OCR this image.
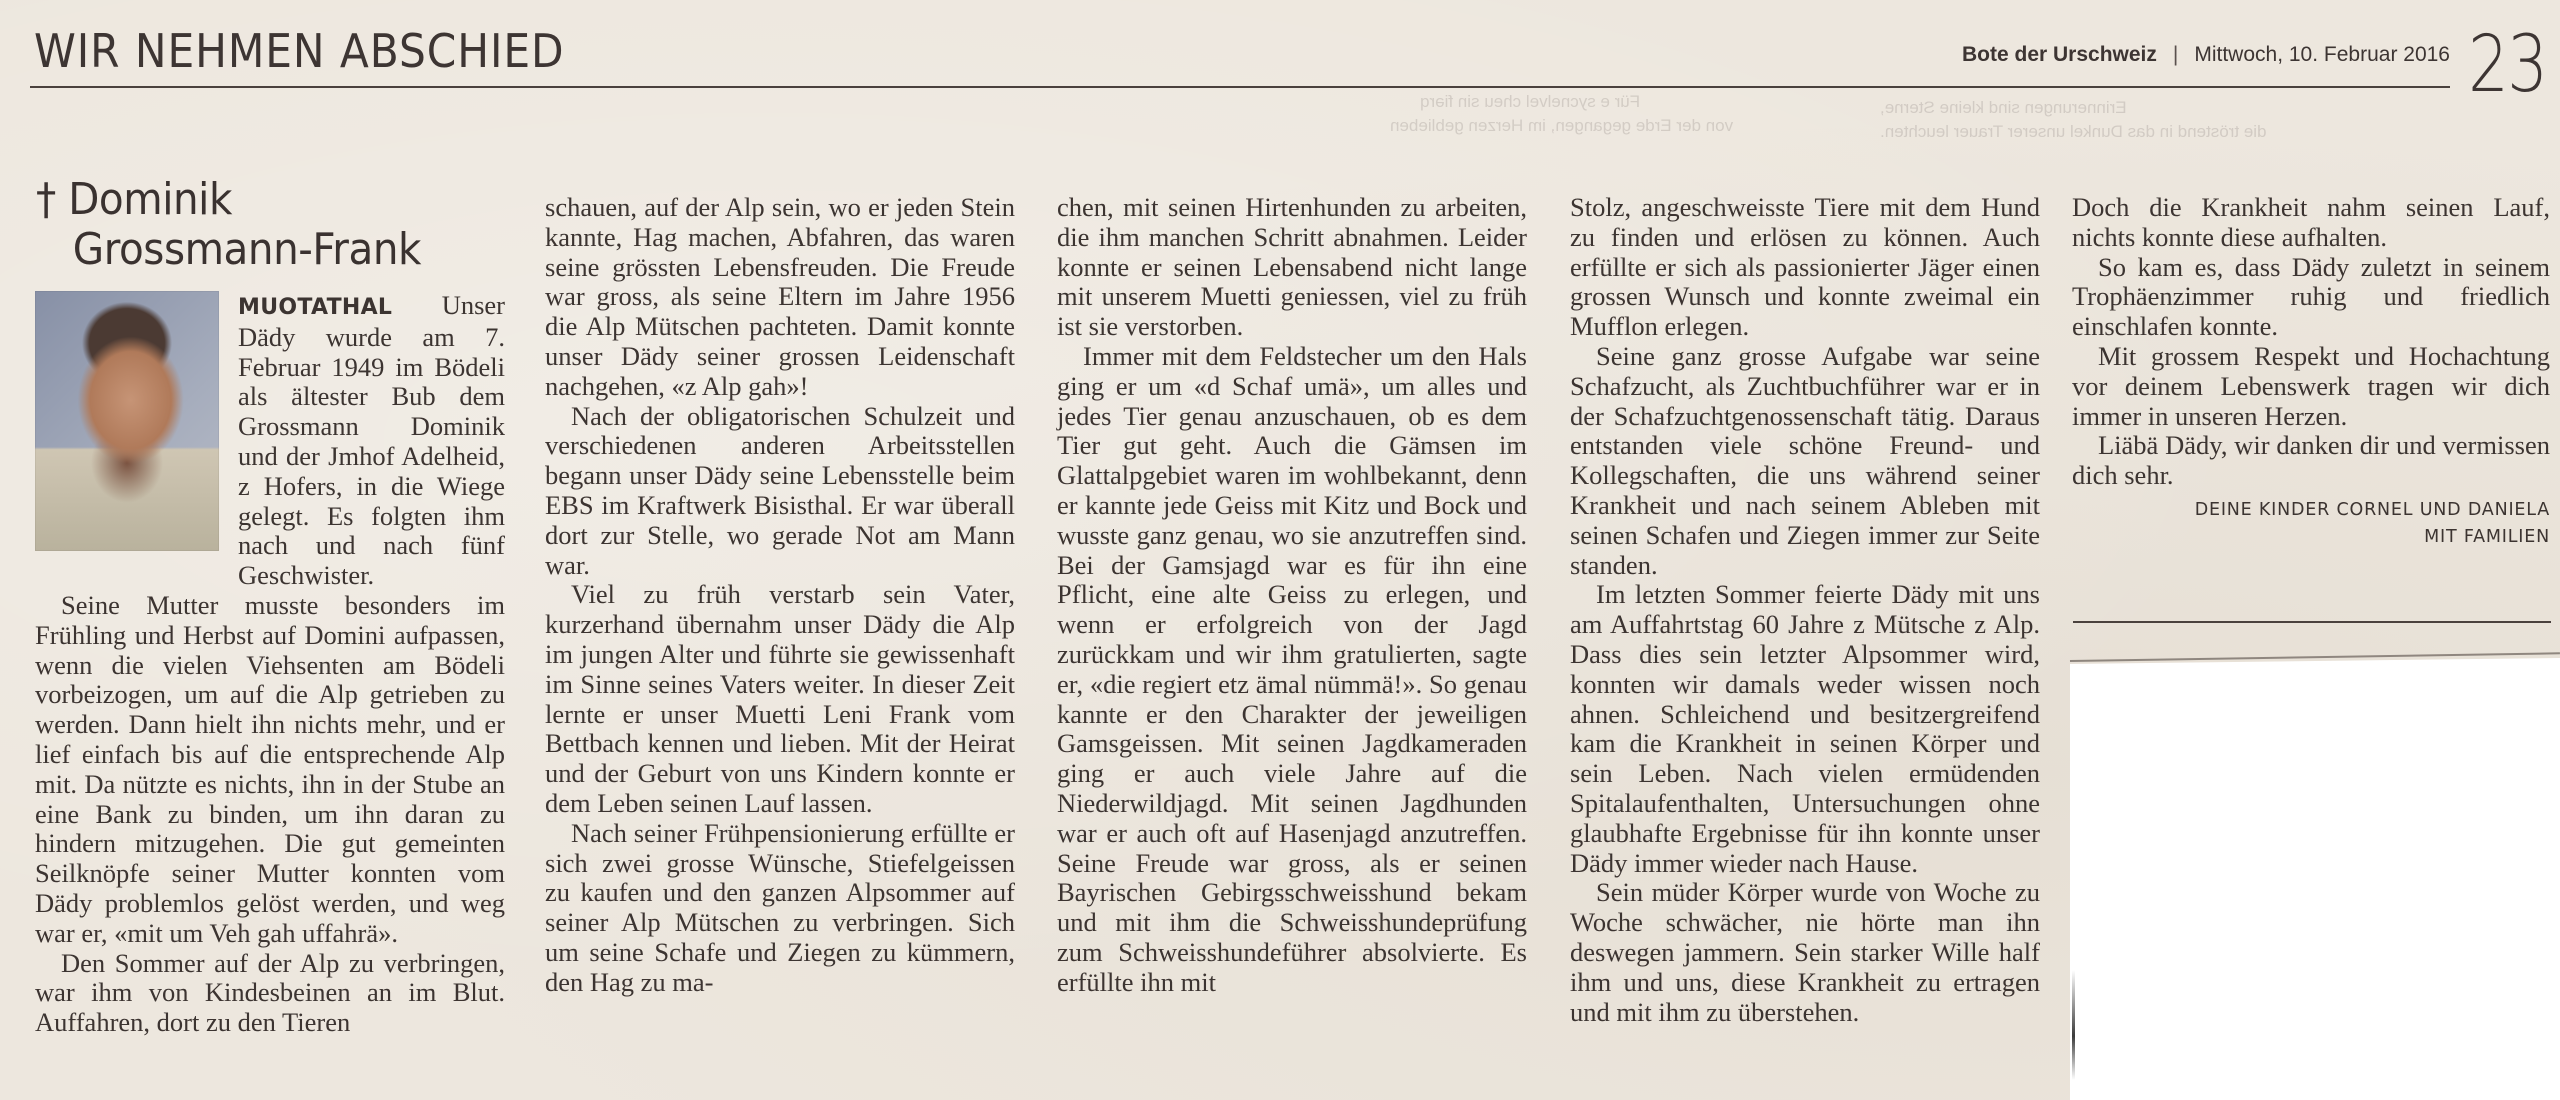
Für e sycnelvel cheu sin fiərq
von der Erde gegangen, im Herzen geblieben
Erinnerungen sind kleine Sterne,
die tröstend in das Dunkel unserer Trauer leuchten.
WIR NEHMEN ABSCHIED	Bote der Urschweiz | Mittwoch, 10. Februar 2016 23
† Dominik
Grossmann-Frank

MUOTATHAL Unser Dädy wurde am 7. Februar 1949 im Bödeli als ältester Bub dem Grossmann Dominik und der Jmhof Adelheid, z Hofers, in die Wiege gelegt. Es folgten ihm nach und nach fünf Geschwister.

Seine Mutter musste besonders im Frühling und Herbst auf Domini aufpassen, wenn die vielen Viehsenten am Bödeli vorbeizogen, um auf die Alp getrieben zu werden. Dann hielt ihn nichts mehr, und er lief einfach bis auf die entsprechende Alp mit. Da nützte es nichts, ihn in der Stube an eine Bank zu binden, um ihn daran zu hindern mitzugehen. Die gut gemeinten Seilknöpfe seiner Mutter konnten vom Dädy problemlos gelöst werden, und weg war er, «mit um Veh gah uffahrä».

Den Sommer auf der Alp zu verbringen, war ihm von Kindesbeinen an im Blut. Auffahren, dort zu den Tieren

schauen, auf der Alp sein, wo er jeden Stein kannte, Hag machen, Abfahren, das waren seine grössten Lebensfreuden. Die Freude war gross, als seine Eltern im Jahre 1956 die Alp Mütschen pachteten. Damit konnte unser Dädy seiner grossen Leidenschaft nachgehen, «z Alp gah»!

Nach der obligatorischen Schulzeit und verschiedenen anderen Arbeitsstellen begann unser Dädy seine Lebensstelle beim EBS im Kraftwerk Bisisthal. Er war überall dort zur Stelle, wo gerade Not am Mann war.

Viel zu früh verstarb sein Vater, kurzerhand übernahm unser Dädy die Alp im jungen Alter und führte sie gewissenhaft im Sinne seines Vaters weiter. In dieser Zeit lernte er unser Muetti Leni Frank vom Bettbach kennen und lieben. Mit der Heirat und der Geburt von uns Kindern konnte er dem Leben seinen Lauf lassen.

Nach seiner Frühpensionierung erfüllte er sich zwei grosse Wünsche, Stiefelgeissen zu kaufen und den ganzen Alpsommer auf seiner Alp Mütschen zu verbringen. Sich um seine Schafe und Ziegen zu kümmern, den Hag zu ma-

chen, mit seinen Hirtenhunden zu arbeiten, die ihm manchen Schritt abnahmen. Leider konnte er seinen Lebensabend nicht lange mit unserem Muetti geniessen, viel zu früh ist sie verstorben.

Immer mit dem Feldstecher um den Hals ging er um «d Schaf umä», um alles und jedes Tier genau anzuschauen, ob es dem Tier gut geht. Auch die Gämsen im Glattalpgebiet waren im wohlbekannt, denn er kannte jede Geiss mit Kitz und Bock und wusste ganz genau, wo sie anzutreffen sind. Bei der Gamsjagd war es für ihn eine Pflicht, eine alte Geiss zu erlegen, und wenn er erfolgreich von der Jagd zurückkam und wir ihm gratulierten, sagte er, «die regiert etz ämal nümmä!». So genau kannte er den Charakter der jeweiligen Gamsgeissen. Mit seinen Jagdkameraden ging er auch viele Jahre auf die Niederwildjagd. Mit seinen Jagdhunden war er auch oft auf Hasenjagd anzutreffen. Seine Freude war gross, als er seinen Bayrischen Gebirgsschweisshund bekam und mit ihm die Schweisshundeprüfung zum Schweisshundeführer absolvierte. Es erfüllte ihn mit

Stolz, angeschweisste Tiere mit dem Hund zu finden und erlösen zu können. Auch erfüllte er sich als passionierter Jäger einen grossen Wunsch und konnte zweimal ein Mufflon erlegen.

Seine ganz grosse Aufgabe war seine Schafzucht, als Zuchtbuchführer war er in der Schafzuchtgenossenschaft tätig. Daraus entstanden viele schöne Freund- und Kollegschaften, die uns während seiner Krankheit und nach seinem Ableben mit seinen Schafen und Ziegen immer zur Seite standen.

Im letzten Sommer feierte Dädy mit uns am Auffahrtstag 60 Jahre z Mütsche z Alp. Dass dies sein letzter Alpsommer wird, konnten wir damals weder wissen noch ahnen. Schleichend und besitzergreifend kam die Krankheit in seinen Körper und sein Leben. Nach vielen ermüdenden Spitalaufenthalten, Untersuchungen ohne glaubhafte Ergebnisse für ihn konnte unser Dädy immer wieder nach Hause.

Sein müder Körper wurde von Woche zu Woche schwächer, nie hörte man ihn deswegen jammern. Sein starker Wille half ihm und uns, diese Krankheit zu ertragen und mit ihm zu überstehen.

Doch die Krankheit nahm seinen Lauf, nichts konnte diese aufhalten.

So kam es, dass Dädy zuletzt in seinem Trophäenzimmer ruhig und friedlich einschlafen konnte.

Mit grossem Respekt und Hochachtung vor deinem Lebenswerk tragen wir dich immer in unseren Herzen.

Liäbä Dädy, wir danken dir und vermissen dich sehr.

DEINE KINDER CORNEL UND DANIELA
MIT FAMILIEN
